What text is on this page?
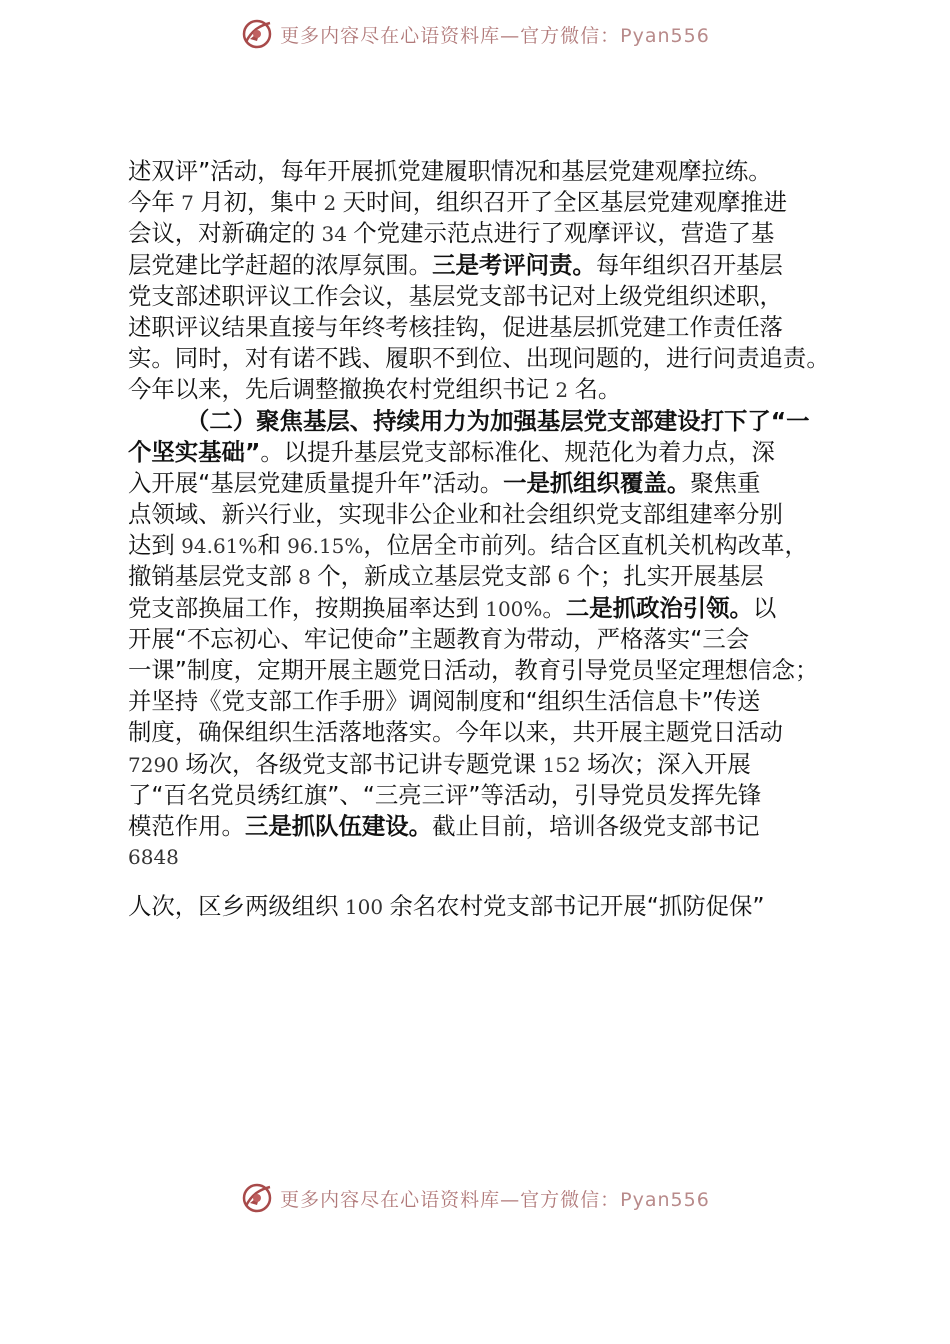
更多内容尽在心语资料库—官方微信：Pyan556
述双评”活动，每年开展抓党建履职情况和基层党建观摩拉练。
今年 7 月初，集中 2 天时间，组织召开了全区基层党建观摩推进
会议，对新确定的 34 个党建示范点进行了观摩评议，营造了基
层党建比学赶超的浓厚氛围。三是考评问责。每年组织召开基层
党支部述职评议工作会议，基层党支部书记对上级党组织述职，
述职评议结果直接与年终考核挂钩，促进基层抓党建工作责任落
实。同时，对有诺不践、履职不到位、出现问题的，进行问责追责。
今年以来，先后调整撤换农村党组织书记 2 名。
（二）聚焦基层、持续用力为加强基层党支部建设打下了“一
个坚实基础”。以提升基层党支部标准化、规范化为着力点，深
入开展“基层党建质量提升年”活动。一是抓组织覆盖。聚焦重
点领域、新兴行业，实现非公企业和社会组织党支部组建率分别
达到 94.61%和 96.15%，位居全市前列。结合区直机关机构改革，
撤销基层党支部 8 个，新成立基层党支部 6 个；扎实开展基层
党支部换届工作，按期换届率达到 100%。二是抓政治引领。以
开展“不忘初心、牢记使命”主题教育为带动，严格落实“三会
一课”制度，定期开展主题党日活动，教育引导党员坚定理想信念；
并坚持《党支部工作手册》调阅制度和“组织生活信息卡”传送
制度，确保组织生活落地落实。今年以来，共开展主题党日活动
7290 场次，各级党支部书记讲专题党课 152 场次；深入开展
了“百名党员绣红旗”、“三亮三评”等活动，引导党员发挥先锋
模范作用。三是抓队伍建设。截止目前，培训各级党支部书记
6848
人次，区乡两级组织 100 余名农村党支部书记开展“抓防促保”
更多内容尽在心语资料库—官方微信：Pyan556
